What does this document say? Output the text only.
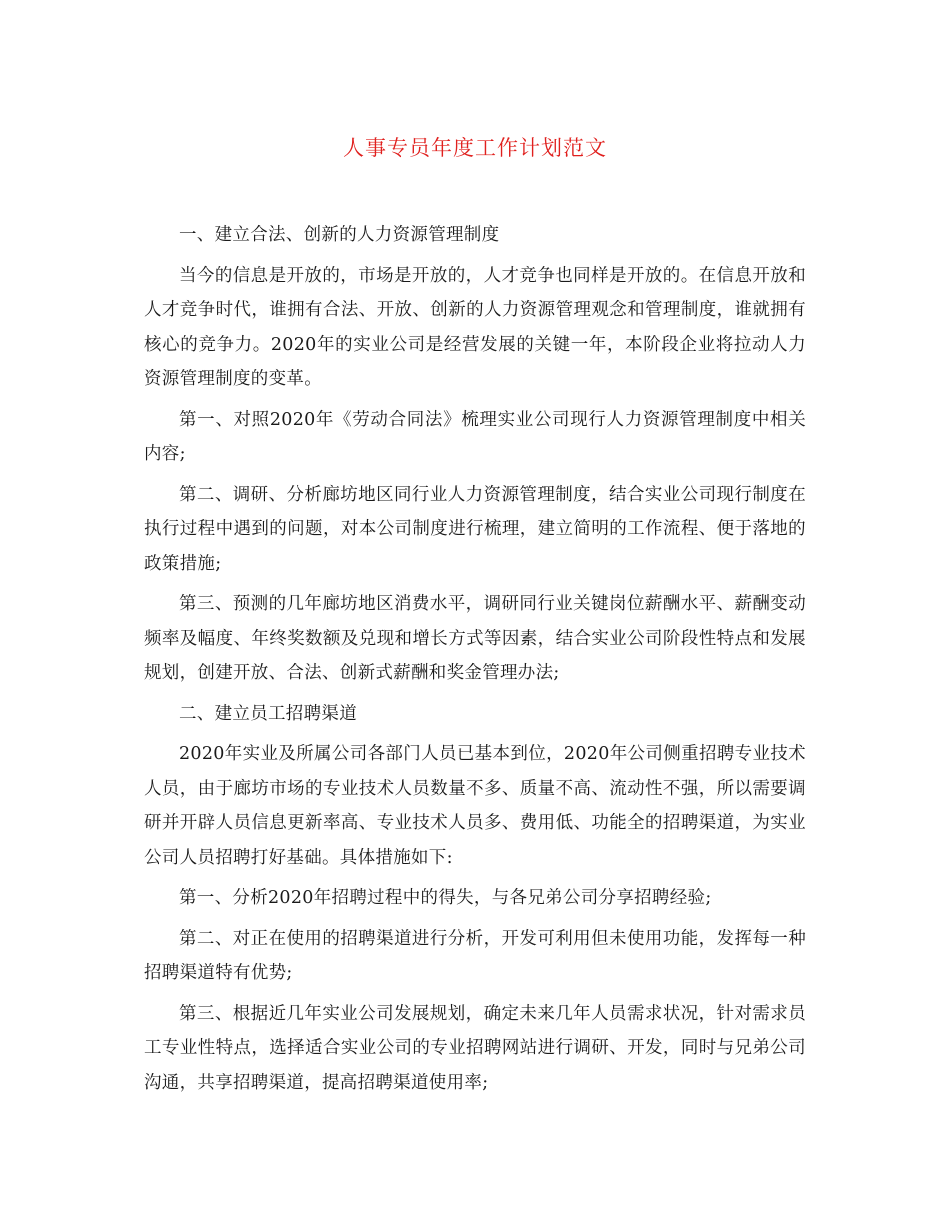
人事专员年度工作计划范文

一、建立合法、创新的人力资源管理制度

当今的信息是开放的，市场是开放的，人才竞争也同样是开放的。在信息开放和人才竞争时代，谁拥有合法、开放、创新的人力资源管理观念和管理制度，谁就拥有核心的竞争力。2020年的实业公司是经营发展的关键一年，本阶段企业将拉动人力资源管理制度的变革。

第一、对照2020年《劳动合同法》梳理实业公司现行人力资源管理制度中相关内容;

第二、调研、分析廊坊地区同行业人力资源管理制度，结合实业公司现行制度在执行过程中遇到的问题，对本公司制度进行梳理，建立简明的工作流程、便于落地的政策措施;

第三、预测的几年廊坊地区消费水平，调研同行业关键岗位薪酬水平、薪酬变动频率及幅度、年终奖数额及兑现和增长方式等因素，结合实业公司阶段性特点和发展规划，创建开放、合法、创新式薪酬和奖金管理办法;

二、建立员工招聘渠道

2020年实业及所属公司各部门人员已基本到位，2020年公司侧重招聘专业技术人员，由于廊坊市场的专业技术人员数量不多、质量不高、流动性不强，所以需要调研并开辟人员信息更新率高、专业技术人员多、费用低、功能全的招聘渠道，为实业公司人员招聘打好基础。具体措施如下:

第一、分析2020年招聘过程中的得失，与各兄弟公司分享招聘经验;

第二、对正在使用的招聘渠道进行分析，开发可利用但未使用功能，发挥每一种招聘渠道特有优势;

第三、根据近几年实业公司发展规划，确定未来几年人员需求状况，针对需求员工专业性特点，选择适合实业公司的专业招聘网站进行调研、开发，同时与兄弟公司沟通，共享招聘渠道，提高招聘渠道使用率;
